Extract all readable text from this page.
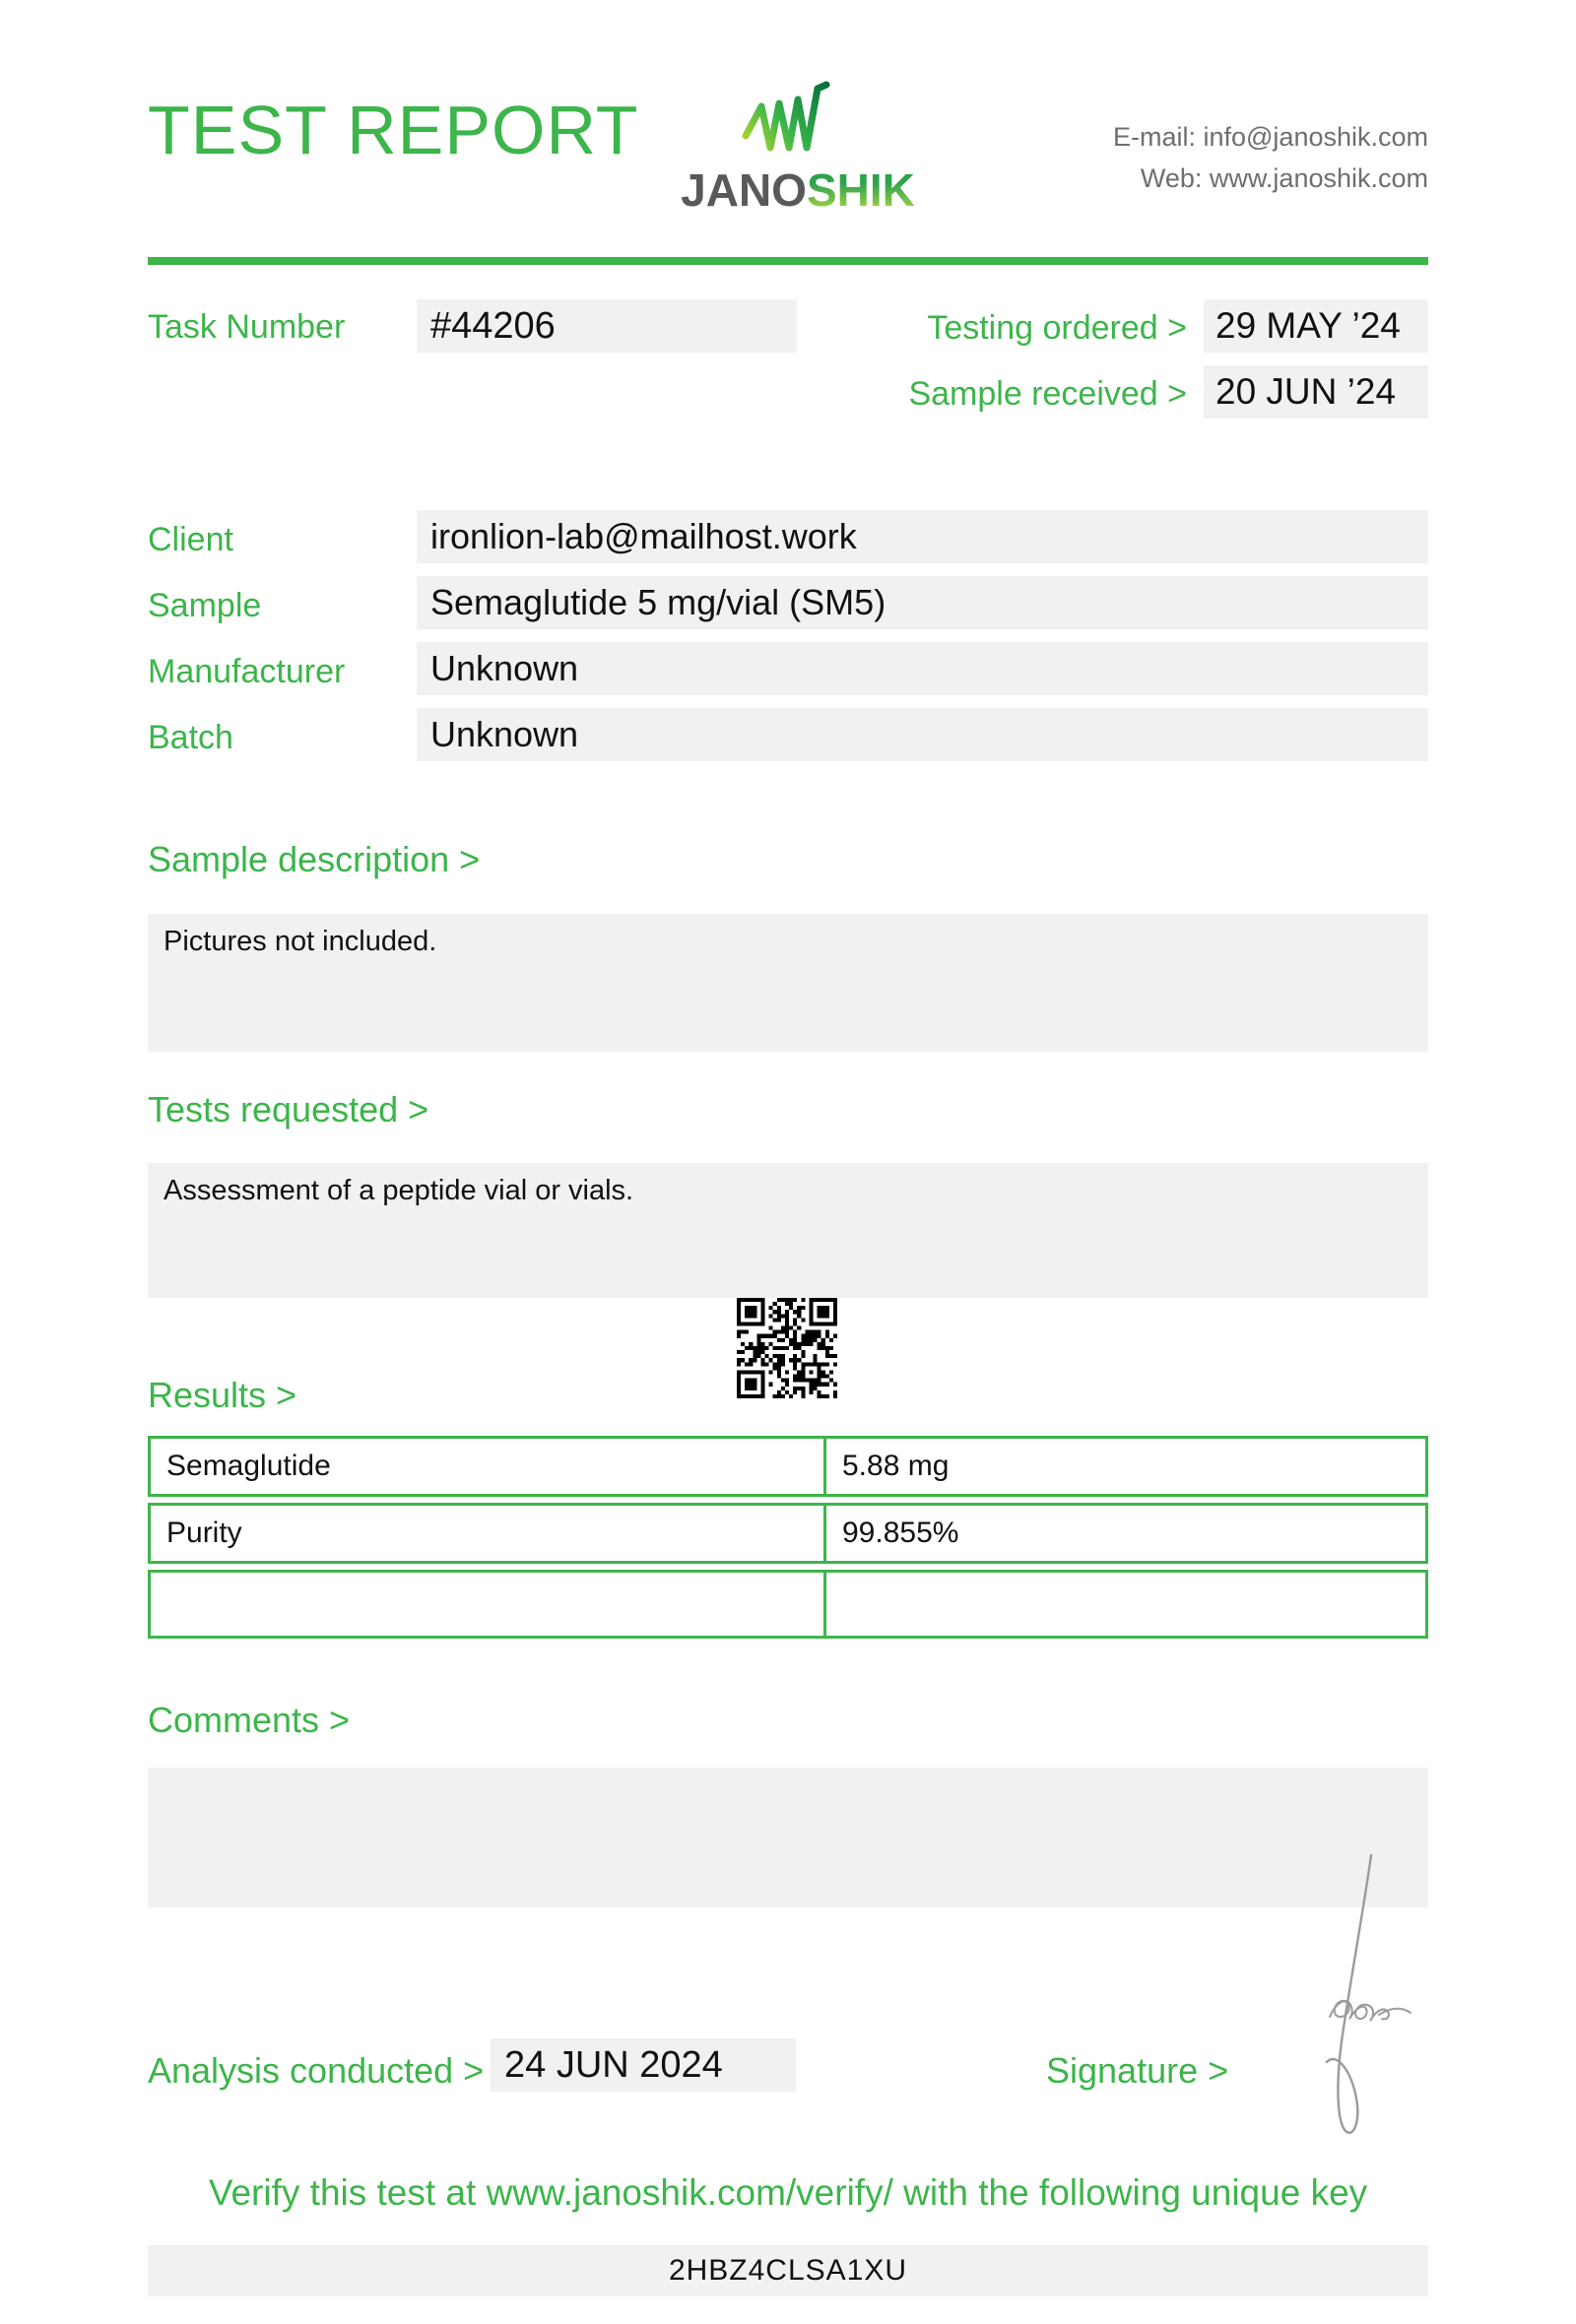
TEST REPORT
JANOSHIK
E-mail: info@janoshik.com
Web: www.janoshik.com
Task Number	#44206	Testing ordered > 29 MAY ’24
Sample received > 20 JUN ’24
Client	ironlion-lab@mailhost.work
Sample	Semaglutide 5 mg/vial (SM5)
Manufacturer	Unknown
Batch	Unknown
Sample description >
Pictures not included.
Tests requested >
Assessment of a peptide vial or vials.
Results >
Semaglutide	5.88 mg
Purity	99.855%

Comments >
Analysis conducted > 24 JUN 2024	Signature >
Verify this test at www.janoshik.com/verify/ with the following unique key
2HBZ4CLSA1XU
